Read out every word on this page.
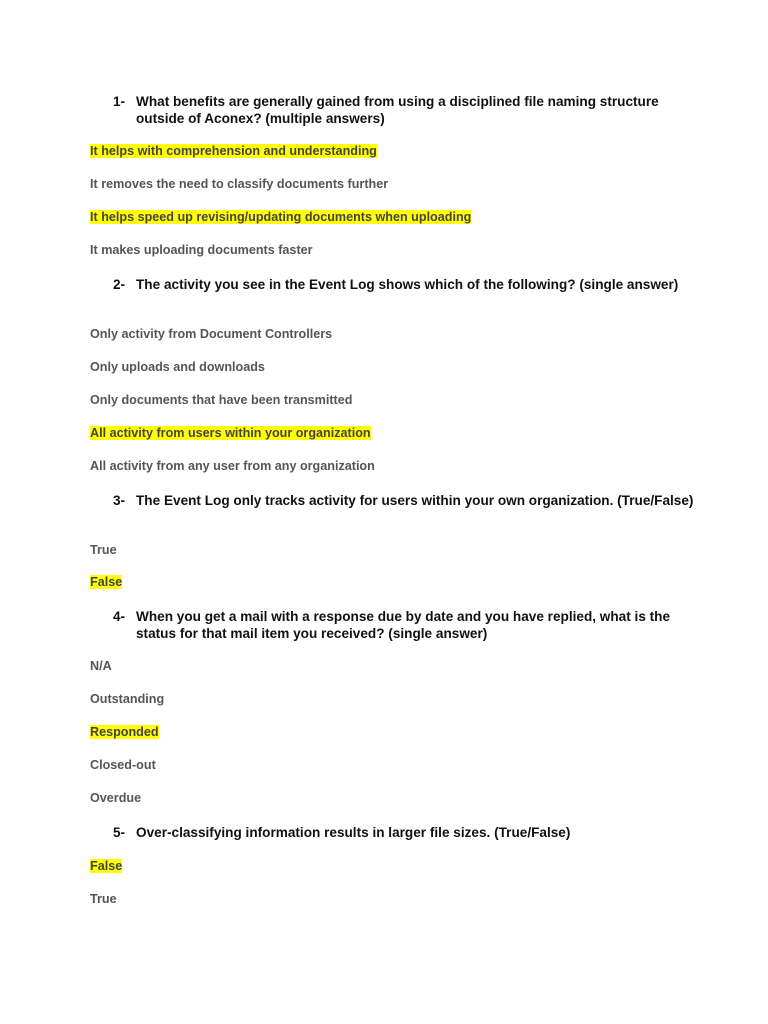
1- What benefits are generally gained from using a disciplined file naming structure outside of Aconex? (multiple answers)
It helps with comprehension and understanding
It removes the need to classify documents further
It helps speed up revising/updating documents when uploading
It makes uploading documents faster
2- The activity you see in the Event Log shows which of the following? (single answer)
Only activity from Document Controllers
Only uploads and downloads
Only documents that have been transmitted
All activity from users within your organization
All activity from any user from any organization
3- The Event Log only tracks activity for users within your own organization. (True/False)
True
False
4- When you get a mail with a response due by date and you have replied, what is the status for that mail item you received? (single answer)
N/A
Outstanding
Responded
Closed-out
Overdue
5- Over-classifying information results in larger file sizes. (True/False)
False
True
